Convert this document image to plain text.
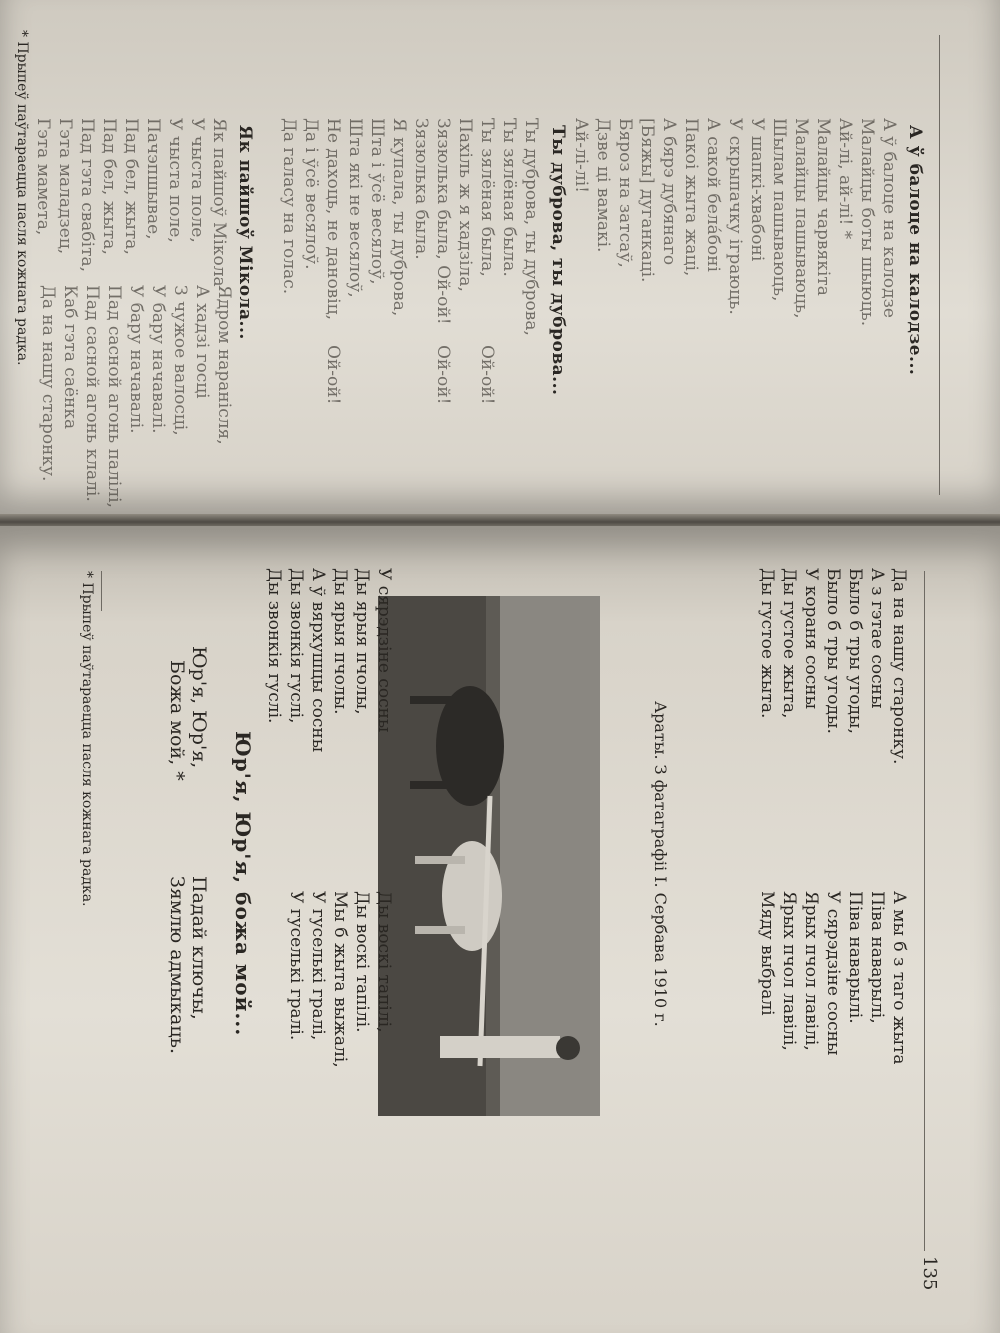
А ў балоце на калодзе...
А ў балоце на калодзе
Малайцы боты шыюць.
Ай-лі, ай-лі! *
Малайцы чарвякіта
Малайцы пашываюць,
Шылам пашываюць,
У шапкі-хвабоні
У скрыпачку іграюць.
А сакой бела́боні
Пакоі жыта жаці,
А бярэ дубянаго
[Бяжы] дуганкаці.
Бяроз на затсаў,
Дзве ці вамакі.
Ай-лі-лі!
Ты дуброва, ты дуброва...
Ты дуброва, ты дуброва,
Ты зялёная была.
Ты зялёная была,
Пахіль ж я хадзіла,
Зязюлька была, Ой-ой!
Зязюлька была.
Я купала, ты дуброва,
Шта і ўсё весялоў,
Шта які не весялоў,
Не дахоць, не дановіц,
Да і ўсё весялоў.
Да галасу на голас.

Ой-ой!

Ой-ой!

Ой-ой!
Як пайшоў Мікола...
Як пайшоў Мікола
У чыста поле,
У чыста поле,
Пачэпшывае,
Пад бел, жыта,
Пад бел, жыта,
Пад гэта свабіта,
Гэта маладзец,
Гэта мамета,
Ядром наранісля,
А хадзі госці
З чужое валосці,
У бару начавалі.
У бару начавалі.
Пад сасной агонь палілі,
Пад сасной агонь клалі.
Каб гэта саёнка
Да на нашу старонку.
* Прыпеў паўтараецца пасля кожнага радка.
135
Да на нашу старонку.
А з гэтае сосны
Было б тры угоды,
Было б тры угоды.
У кораня сосны
Ды густое жыта,
Ды густое жыта.
А мы б з таго жыта
Піва наварылі,
Піва наварылі.
У сярэдзіне сосны
Ярых пчол лавілі,
Ярых пчол лавілі,
Мяду выбралі
Араты. З фатаграфіі І. Сербава 1910 г.
У сярэдзіне сосны
Ды ярыя пчолы,
Ды ярыя пчолы.
А ў вярхушцы сосны
Ды звонкія гуслі,
Ды звонкія гуслі.
Ды воскі тапілі,
Ды воскі тапілі.
Мы б жыта выжалі,
У гуселькі гралі,
У гуселькі гралі.
Юр'я, Юр'я, божа мой...
Юр'я, Юр'я,
Божа мой, *
Падай ключы,
Зямлю адмыкаць.
* Прыпеў паўтараецца пасля кожнага радка.
